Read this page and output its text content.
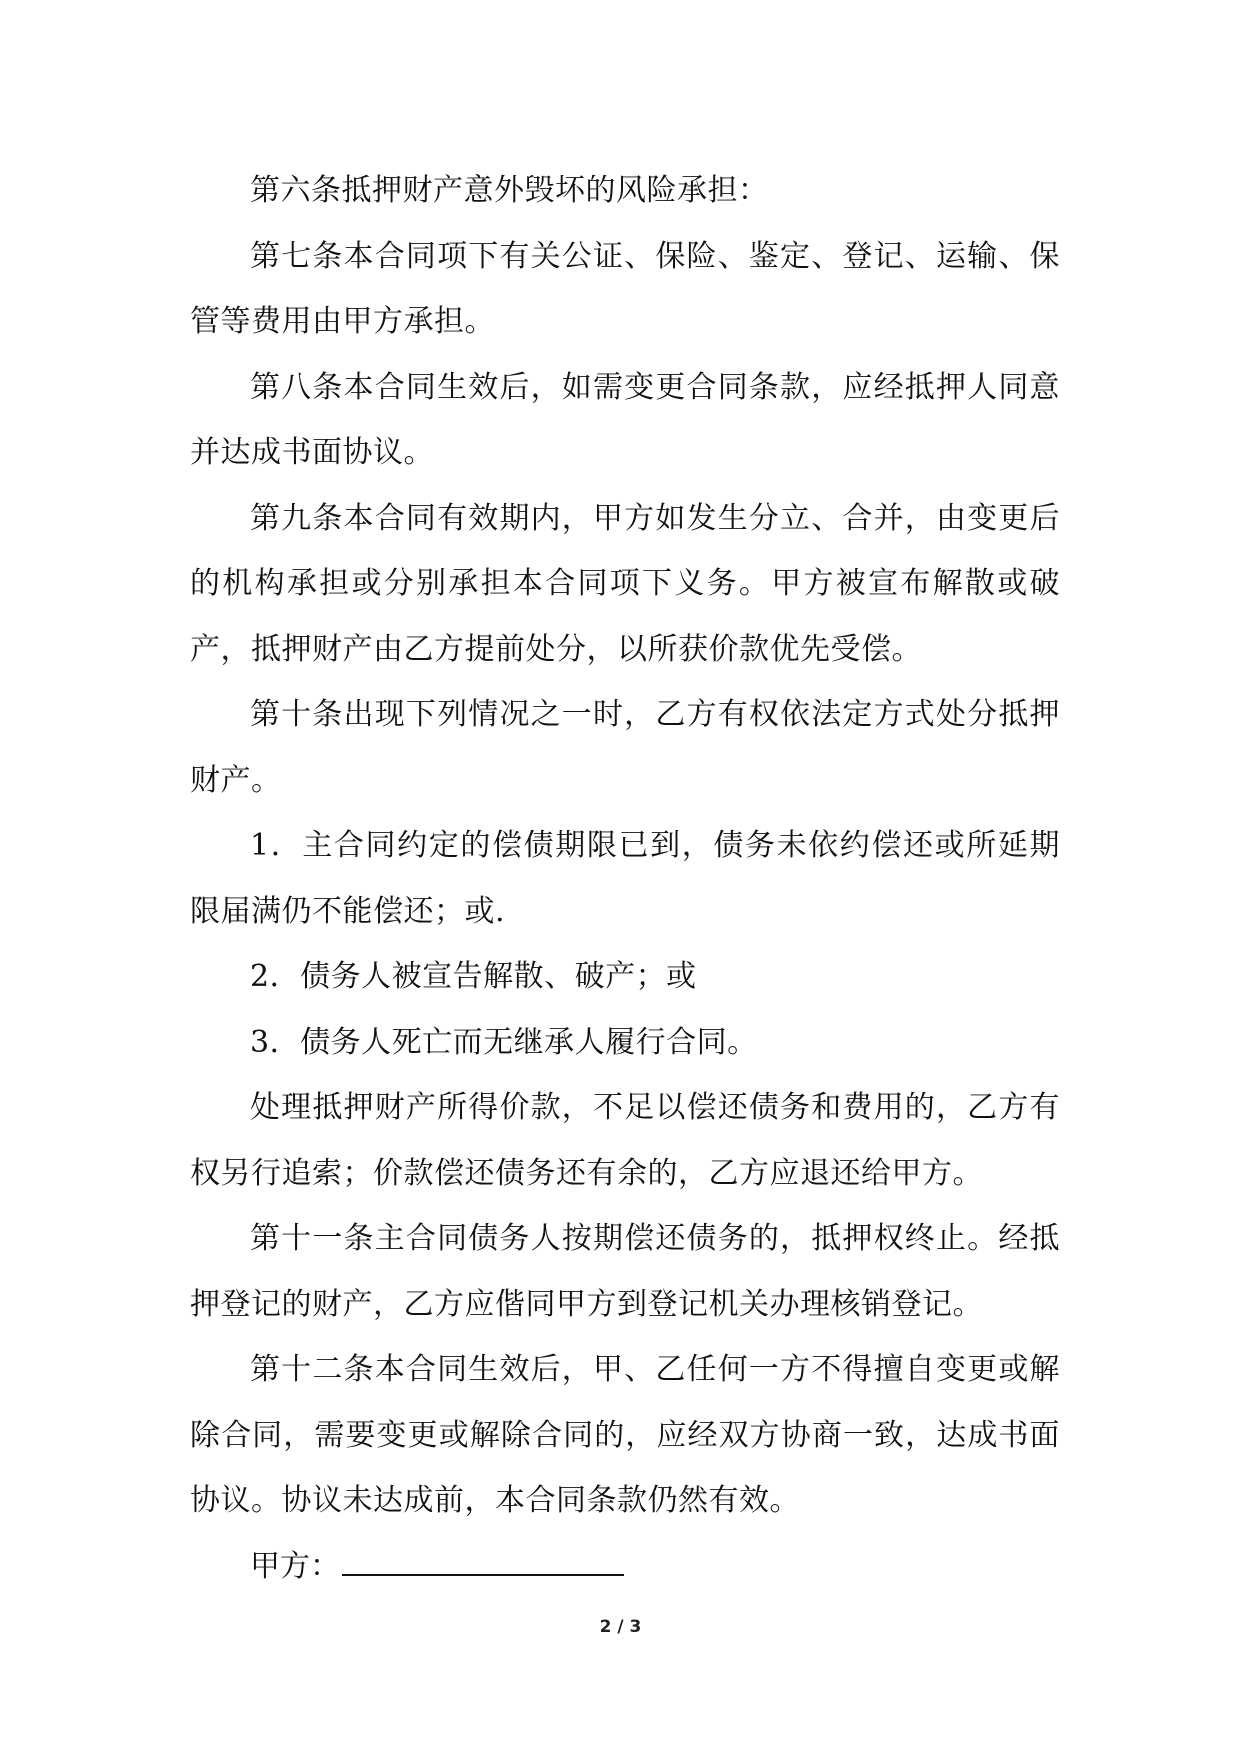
第六条抵押财产意外毁坏的风险承担：

第七条本合同项下有关公证、保险、鉴定、登记、运输、保管等费用由甲方承担。

第八条本合同生效后，如需变更合同条款，应经抵押人同意并达成书面协议。

第九条本合同有效期内，甲方如发生分立、合并，由变更后的机构承担或分别承担本合同项下义务。甲方被宣布解散或破产，抵押财产由乙方提前处分，以所获价款优先受偿。

第十条出现下列情况之一时，乙方有权依法定方式处分抵押财产。

1．主合同约定的偿债期限已到，债务未依约偿还或所延期限届满仍不能偿还；或.

2．债务人被宣告解散、破产；或

3．债务人死亡而无继承人履行合同。

处理抵押财产所得价款，不足以偿还债务和费用的，乙方有权另行追索；价款偿还债务还有余的，乙方应退还给甲方。

第十一条主合同债务人按期偿还债务的，抵押权终止。经抵押登记的财产，乙方应偕同甲方到登记机关办理核销登记。

第十二条本合同生效后，甲、乙任何一方不得擅自变更或解除合同，需要变更或解除合同的，应经双方协商一致，达成书面协议。协议未达成前，本合同条款仍然有效。

甲方：

2 / 3
